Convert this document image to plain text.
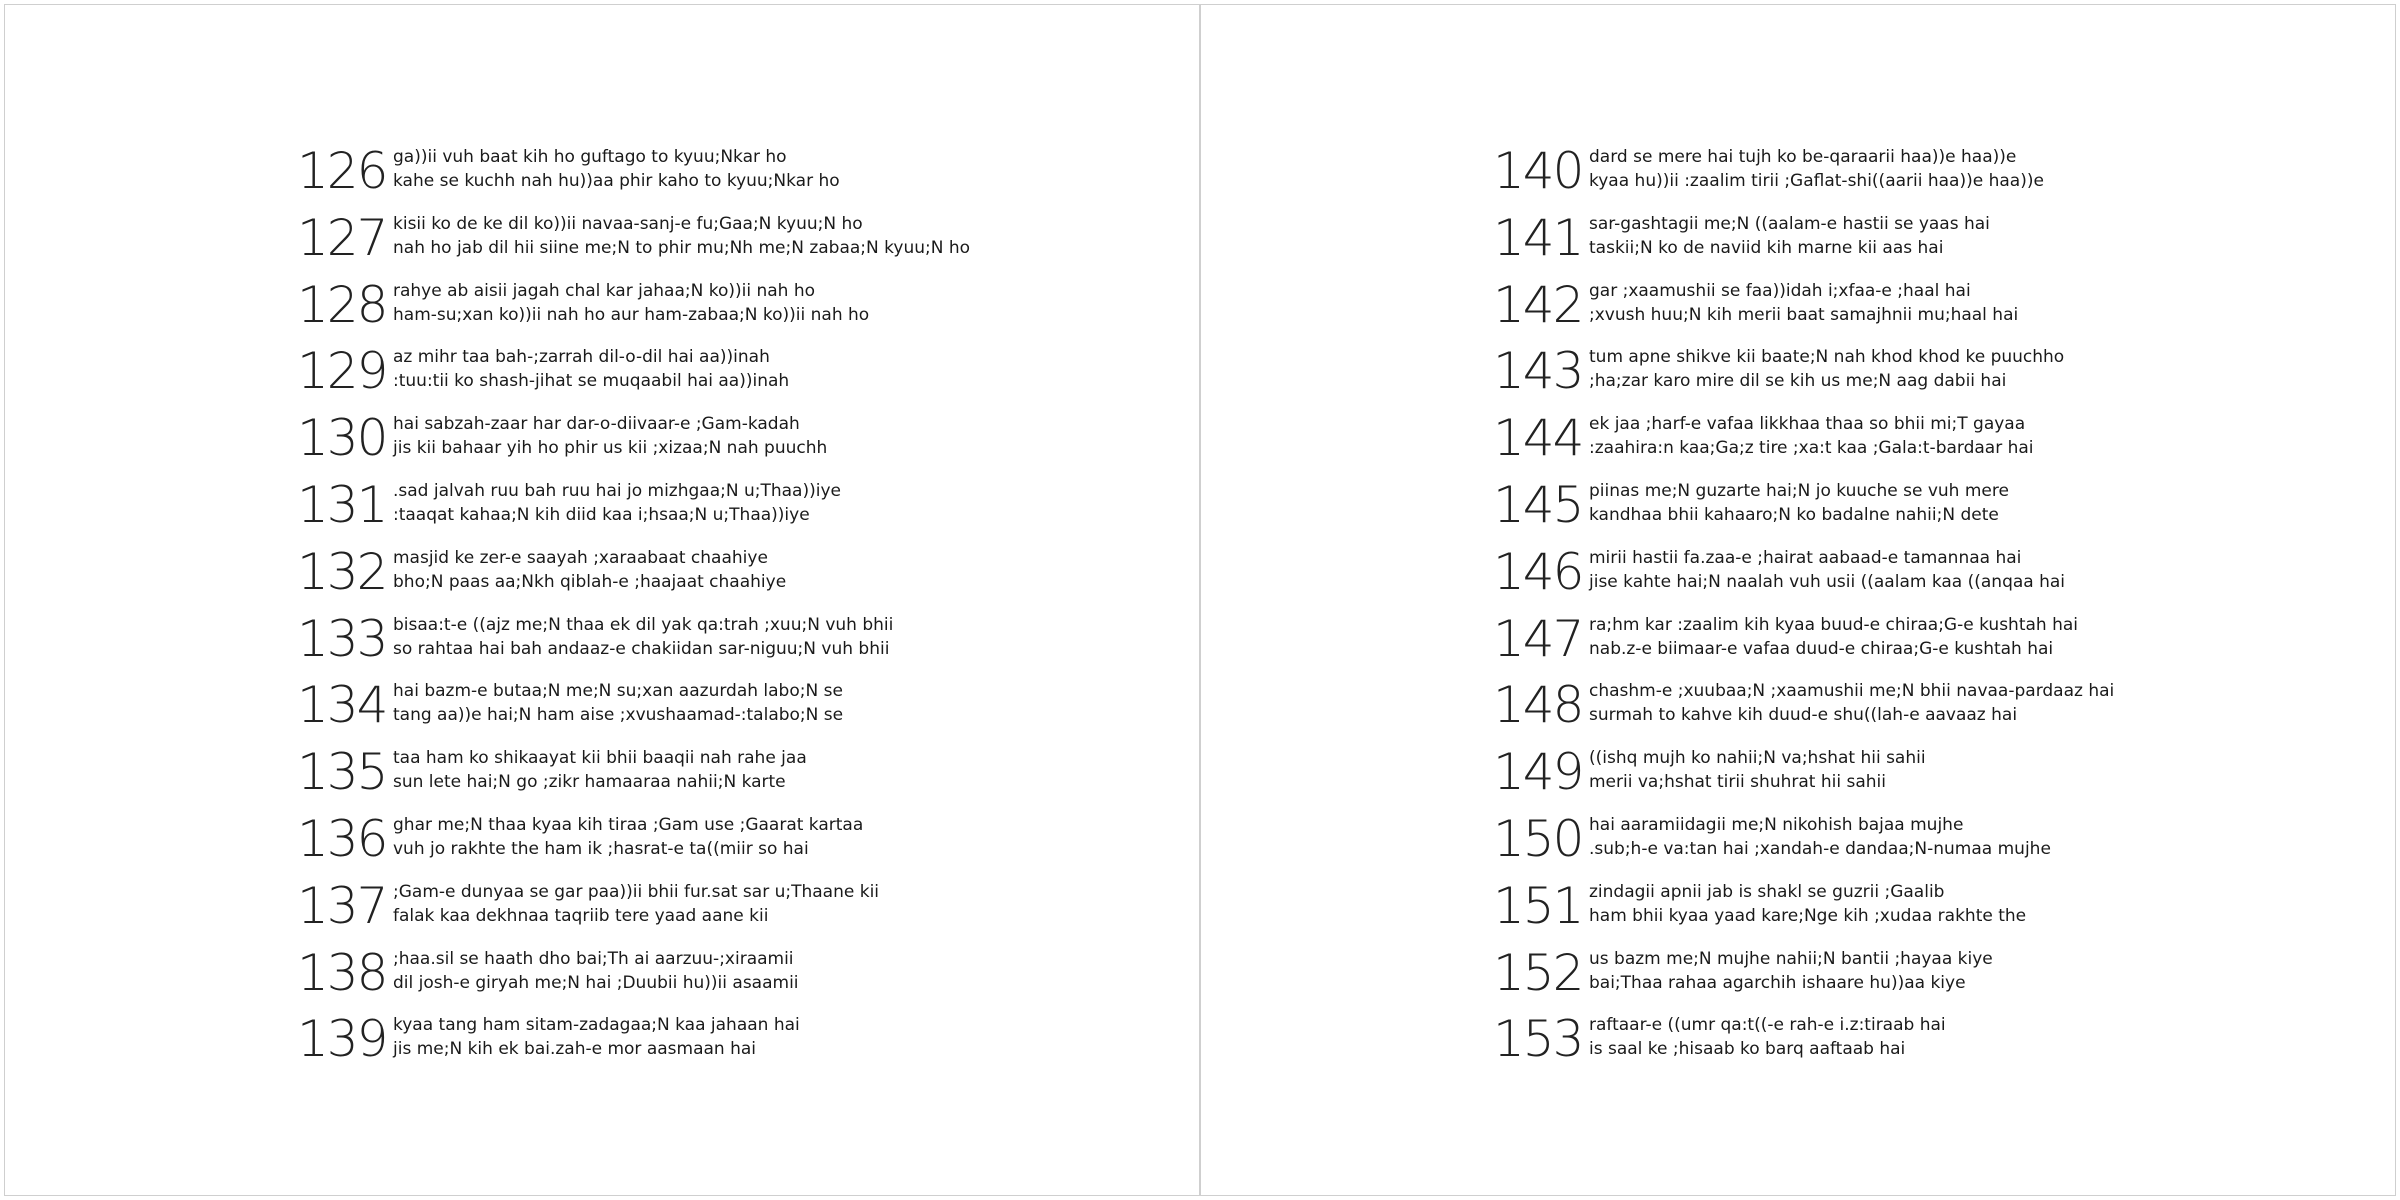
126 ga))ii vuh baat kih ho guftago to kyuu;Nkar ho
kahe se kuchh nah hu))aa phir kaho to kyuu;Nkar ho
127 kisii ko de ke dil ko))ii navaa-sanj-e fu;Gaa;N kyuu;N ho
nah ho jab dil hii siine me;N to phir mu;Nh me;N zabaa;N kyuu;N ho
128 rahye ab aisii jagah chal kar jahaa;N ko))ii nah ho
ham-su;xan ko))ii nah ho aur ham-zabaa;N ko))ii nah ho
129 az mihr taa bah-;zarrah dil-o-dil hai aa))inah
:tuu:tii ko shash-jihat se muqaabil hai aa))inah
130 hai sabzah-zaar har dar-o-diivaar-e ;Gam-kadah
jis kii bahaar yih ho phir us kii ;xizaa;N nah puuchh
131 .sad jalvah ruu bah ruu hai jo mizhgaa;N u;Thaa))iye
:taaqat kahaa;N kih diid kaa i;hsaa;N u;Thaa))iye
132 masjid ke zer-e saayah ;xaraabaat chaahiye
bho;N paas aa;Nkh qiblah-e ;haajaat chaahiye
133 bisaa:t-e ((ajz me;N thaa ek dil yak qa:trah ;xuu;N vuh bhii
so rahtaa hai bah andaaz-e chakiidan sar-niguu;N vuh bhii
134 hai bazm-e butaa;N me;N su;xan aazurdah labo;N se
tang aa))e hai;N ham aise ;xvushaamad-:talabo;N se
135 taa ham ko shikaayat kii bhii baaqii nah rahe jaa
sun lete hai;N go ;zikr hamaaraa nahii;N karte
136 ghar me;N thaa kyaa kih tiraa ;Gam use ;Gaarat kartaa
vuh jo rakhte the ham ik ;hasrat-e ta((miir so hai
137 ;Gam-e dunyaa se gar paa))ii bhii fur.sat sar u;Thaane kii
falak kaa dekhnaa taqriib tere yaad aane kii
138 ;haa.sil se haath dho bai;Th ai aarzuu-;xiraamii
dil josh-e giryah me;N hai ;Duubii hu))ii asaamii
139 kyaa tang ham sitam-zadagaa;N kaa jahaan hai
jis me;N kih ek bai.zah-e mor aasmaan hai
140 dard se mere hai tujh ko be-qaraarii haa))e haa))e
kyaa hu))ii :zaalim tirii ;Gaflat-shi((aarii haa))e haa))e
141 sar-gashtagii me;N ((aalam-e hastii se yaas hai
taskii;N ko de naviid kih marne kii aas hai
142 gar ;xaamushii se faa))idah i;xfaa-e ;haal hai
;xvush huu;N kih merii baat samajhnii mu;haal hai
143 tum apne shikve kii baate;N nah khod khod ke puuchho
;ha;zar karo mire dil se kih us me;N aag dabii hai
144 ek jaa ;harf-e vafaa likkhaa thaa so bhii mi;T gayaa
:zaahira:n kaa;Ga;z tire ;xa:t kaa ;Gala:t-bardaar hai
145 piinas me;N guzarte hai;N jo kuuche se vuh mere
kandhaa bhii kahaaro;N ko badalne nahii;N dete
146 mirii hastii fa.zaa-e ;hairat aabaad-e tamannaa hai
jise kahte hai;N naalah vuh usii ((aalam kaa ((anqaa hai
147 ra;hm kar :zaalim kih kyaa buud-e chiraa;G-e kushtah hai
nab.z-e biimaar-e vafaa duud-e chiraa;G-e kushtah hai
148 chashm-e ;xuubaa;N ;xaamushii me;N bhii navaa-pardaaz hai
surmah to kahve kih duud-e shu((lah-e aavaaz hai
149 ((ishq mujh ko nahii;N va;hshat hii sahii
merii va;hshat tirii shuhrat hii sahii
150 hai aaramiidagii me;N nikohish bajaa mujhe
.sub;h-e va:tan hai ;xandah-e dandaa;N-numaa mujhe
151 zindagii apnii jab is shakl se guzrii ;Gaalib
ham bhii kyaa yaad kare;Nge kih ;xudaa rakhte the
152 us bazm me;N mujhe nahii;N bantii ;hayaa kiye
bai;Thaa rahaa agarchih ishaare hu))aa kiye
153 raftaar-e ((umr qa:t((-e rah-e i.z:tiraab hai
is saal ke ;hisaab ko barq aaftaab hai
